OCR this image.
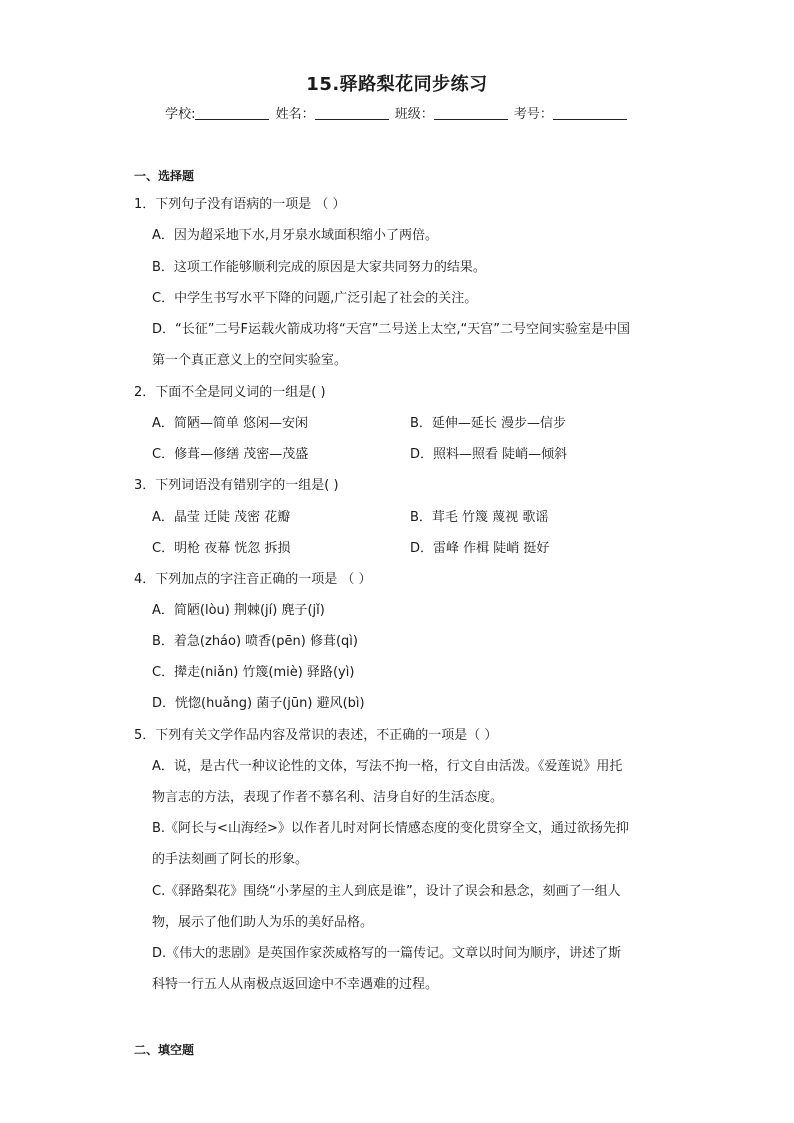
15.驿路梨花同步练习
学校:	姓名：	班级：	考号：
一、选择题
1．下列句子没有语病的一项是 （ ）
A．因为超采地下水,月牙泉水域面积缩小了两倍。
B．这项工作能够顺利完成的原因是大家共同努力的结果。
C．中学生书写水平下降的问题,广泛引起了社会的关注。
D．“长征”二号F运载火箭成功将“天宫”二号送上太空,“天宫”二号空间实验室是中国
第一个真正意义上的空间实验室。
2．下面不全是同义词的一组是( )
A．简陋—简单 悠闲—安闲	B．延伸—延长 漫步—信步
C．修葺—修缮 茂密—茂盛	D．照料—照看 陡峭—倾斜
3．下列词语没有错别字的一组是( )
A．晶莹 迁陡 茂密 花瓣	B．茸毛 竹篾 蔑视 歌谣
C．明枪 夜幕 恍忽 拆损	D．雷峰 作楫 陡峭 挺好
4．下列加点的字注音正确的一项是 （ ）
A．简陋(lòu) 荆棘(jí) 麂子(jǐ)
B．着急(zháo) 喷香(pēn) 修葺(qì)
C．撵走(niǎn) 竹篾(miè) 驿路(yì)
D．恍惚(huǎng) 菌子(jūn) 避风(bì)
5．下列有关文学作品内容及常识的表述，不正确的一项是（ ）
A．说，是古代一种议论性的文体，写法不拘一格，行文自由活泼。《爱莲说》用托
物言志的方法，表现了作者不慕名利、洁身自好的生活态度。
B.《阿长与<山海经>》以作者儿时对阿长情感态度的变化贯穿全文，通过欲扬先抑
的手法刻画了阿长的形象。
C.《驿路梨花》围绕“小茅屋的主人到底是谁”，设计了误会和悬念，刻画了一组人
物，展示了他们助人为乐的美好品格。
D.《伟大的悲剧》是英国作家茨威格写的一篇传记。文章以时间为顺序，讲述了斯
科特一行五人从南极点返回途中不幸遇难的过程。
二、填空题
